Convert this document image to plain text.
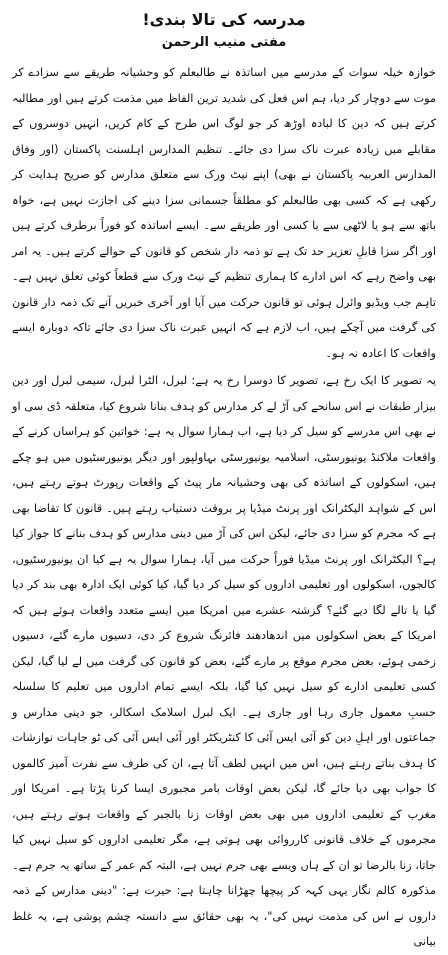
مدرسہ کی تالا بندی!
مفتی منیب الرحمن

خوازہ خیلہ سوات کے مدرسے میں اساتذہ نے طالبعلم کو وحشیانہ طریقے سے سزادے کر موت سے دوچار کر دیا، ہم اس فعل کی شدید ترین الفاظ میں مذمت کرتے ہیں اور مطالبہ کرتے ہیں کہ دین کا لبادہ اوڑھ کر جو لوگ اس طرح کے کام کریں، انہیں دوسروں کے مقابلے میں زیادہ عبرت ناک سزا دی جائے۔ تنظیم المدارس اہلسنت پاکستان (اور وفاق المدارس العربیہ پاکستان نے بھی) اپنے نیٹ ورک سے متعلق مدارس کو صریح ہدایت کر رکھی ہے کہ کسی بھی طالبعلم کو مطلقاً جسمانی سزا دینے کی اجازت نہیں ہے، خواہ باتھ سے ہو یا لاٹھی سے یا کسی اور طریقے سے۔ ایسے اساتذہ کو فوراً برطرف کرتے ہیں اور اگر سزا قابلِ تعزیر حد تک ہے تو ذمہ دار شخص کو قانون کے حوالے کرتے ہیں۔ یہ امر بھی واضح رہے کہ اس ادارے کا ہماری تنظیم کے نیٹ ورک سے قطعاً کوئی تعلق نہیں ہے۔ تاہم جب ویڈیو وائرل ہوئی تو قانون حرکت میں آیا اور آخری خبریں آنے تک ذمہ دار قانون کی گرفت میں آچکے ہیں، اب لازم ہے کہ انہیں عبرت ناک سزا دی جائے تاکہ دوبارہ ایسے واقعات کا اعادہ نہ ہو۔

یہ تصویر کا ایک رخ ہے، تصویر کا دوسرا رخ یہ ہے: لبرل، الٹرا لبرل، سیمی لبرل اور دین بیزار طبقات نے اس سانحے کی آڑ لے کر مدارس کو ہدف بنانا شروع کیا، متعلقہ ڈی سی او نے بھی اس مدرسے کو سیل کر دیا ہے، اب ہمارا سوال یہ ہے: خواتین کو ہراساں کرنے کے واقعات ملاکنڈ یونیورسٹی، اسلامیہ یونیورسٹی بہاولپور اور دیگر یونیورسٹیوں میں ہو چکے ہیں، اسکولوں کے اساتذہ کی بھی وحشیانہ مار پیٹ کے واقعات رپورٹ ہوتے رہتے ہیں، اس کے شواہد الیکٹرانک اور پرنٹ میڈیا پر بروقت دستیاب رہتے ہیں۔ قانون کا تقاضا بھی ہے کہ مجرم کو سزا دی جائے، لیکن اس کی آڑ میں دینی مدارس کو ہدف بنانے کا جواز کیا ہے؟ الیکٹرانک اور پرنٹ میڈیا فوراً حرکت میں آیا، ہمارا سوال یہ ہے کیا ان یونیورسٹیوں، کالجوں، اسکولوں اور تعلیمی اداروں کو سیل کر دیا گیا، کیا کوئی ایک ادارہ بھی بند کر دیا گیا یا تالے لگا دیے گئے؟ گزشتہ عشرے میں امریکا میں ایسے متعدد واقعات ہوئے ہیں کہ امریکا کے بعض اسکولوں میں اندھادھند فائرنگ شروع کر دی، دسیوں مارے گئے، دسیوں زخمی ہوئے، بعض مجرم موقع پر مارے گئے، بعض کو قانون کی گرفت میں لے لیا گیا، لیکن کسی تعلیمی ادارے کو سیل نہیں کیا گیا، بلکہ ایسے تمام اداروں میں تعلیم کا سلسلہ حسبِ معمول جاری رہا اور جاری ہے۔ ایک لبرل اسلامک اسکالر، جو دینی مدارس و جماعتوں اور اہلِ دین کو آئی ایس آئی کا کنٹریکٹر اور آئی ایس آئی کی ٹو جاہات نوازشات کا ہدف بناتے رہتے ہیں، اس میں انہیں لطف آتا ہے، ان کی طرف سے نفرت آمیز کالموں کا جواب بھی دیا جائے گا، لیکن بعض اوقات بامر مجبوری ایسا کرنا پڑتا ہے۔ امریکا اور مغرب کے تعلیمی اداروں میں بھی بعض اوقات زنا بالجبر کے واقعات ہوتے رہتے ہیں، مجرموں کے خلاف قانونی کارروائی بھی ہوتی ہے، مگر تعلیمی اداروں کو سیل نہیں کیا جاتا، زنا بالرضا تو ان کے ہاں ویسے بھی جرم نہیں ہے، البتہ کم عمر کے ساتھ یہ جرم ہے۔ مذکورہ کالم نگار یہی کہہ کر پیچھا چھڑانا چاہتا ہے: حیرت ہے: "دینی مدارس کے ذمہ داروں نے اس کی مذمت نہیں کی"، یہ بھی حقائق سے دانستہ چشم پوشی ہے، یہ غلط بیانی
